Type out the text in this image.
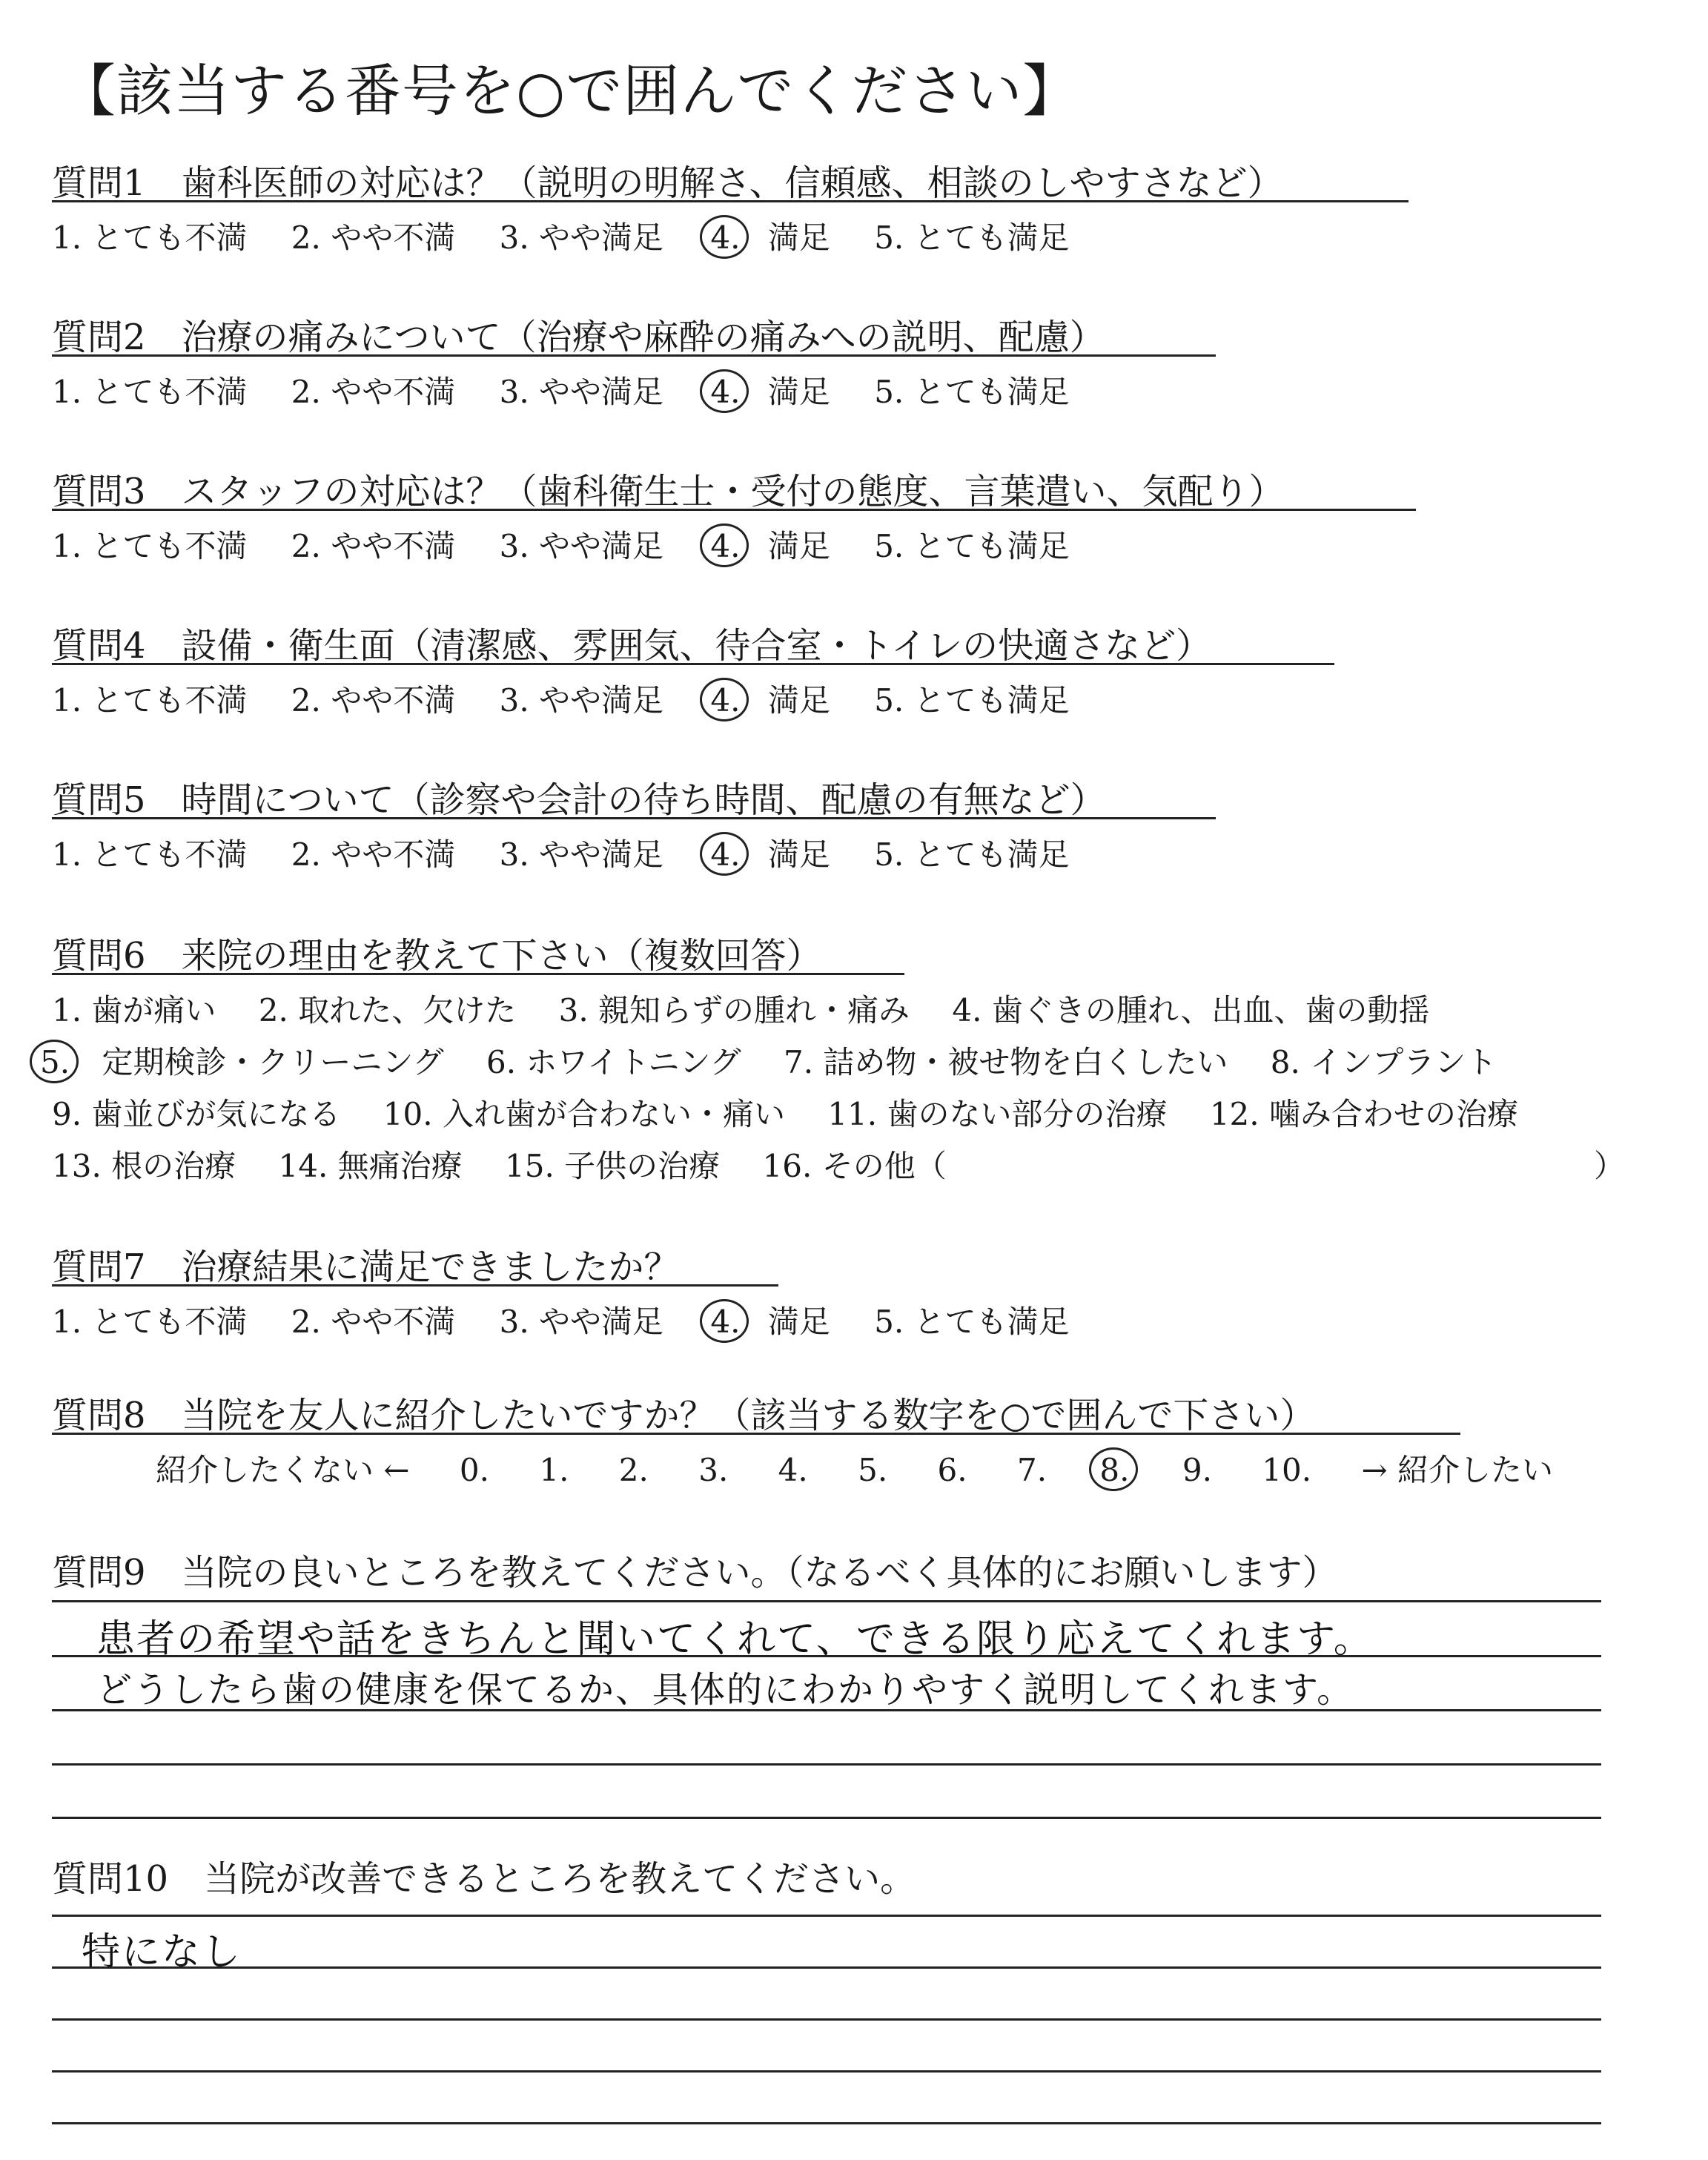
【該当する番号を○で囲んでください】
質問1　歯科医師の対応は？（説明の明解さ、信頼感、相談のしやすさなど）
1. とても不満 2. やや不満 3. やや満足 4. 満足 5. とても満足
質問2　治療の痛みについて（治療や麻酔の痛みへの説明、配慮）
1. とても不満 2. やや不満 3. やや満足 4. 満足 5. とても満足
質問3　スタッフの対応は？（歯科衛生士・受付の態度、言葉遣い、気配り）
1. とても不満 2. やや不満 3. やや満足 4. 満足 5. とても満足
質問4　設備・衛生面（清潔感、雰囲気、待合室・トイレの快適さなど）
1. とても不満 2. やや不満 3. やや満足 4. 満足 5. とても満足
質問5　時間について（診察や会計の待ち時間、配慮の有無など）
1. とても不満 2. やや不満 3. やや満足 4. 満足 5. とても満足
質問6　来院の理由を教えて下さい（複数回答）
1. 歯が痛い 2. 取れた、欠けた 3. 親知らずの腫れ・痛み 4. 歯ぐきの腫れ、出血、歯の動揺
5. 定期検診・クリーニング 6. ホワイトニング 7. 詰め物・被せ物を白くしたい 8. インプラント
9. 歯並びが気になる 10. 入れ歯が合わない・痛い 11. 歯のない部分の治療 12. 噛み合わせの治療
13. 根の治療 14. 無痛治療 15. 子供の治療 16. その他（	）
質問7　治療結果に満足できましたか？
1. とても不満 2. やや不満 3. やや満足 4. 満足 5. とても満足
質問8　当院を友人に紹介したいですか？（該当する数字を○で囲んで下さい）
紹介したくない ← 0. 1. 2. 3. 4. 5. 6. 7. 8. 9. 10. → 紹介したい
質問9　当院の良いところを教えてください。（なるべく具体的にお願いします）
患者の希望や話をきちんと聞いてくれて、できる限り応えてくれます。
どうしたら歯の健康を保てるか、具体的にわかりやすく説明してくれます。
質問10　当院が改善できるところを教えてください。
特になし
